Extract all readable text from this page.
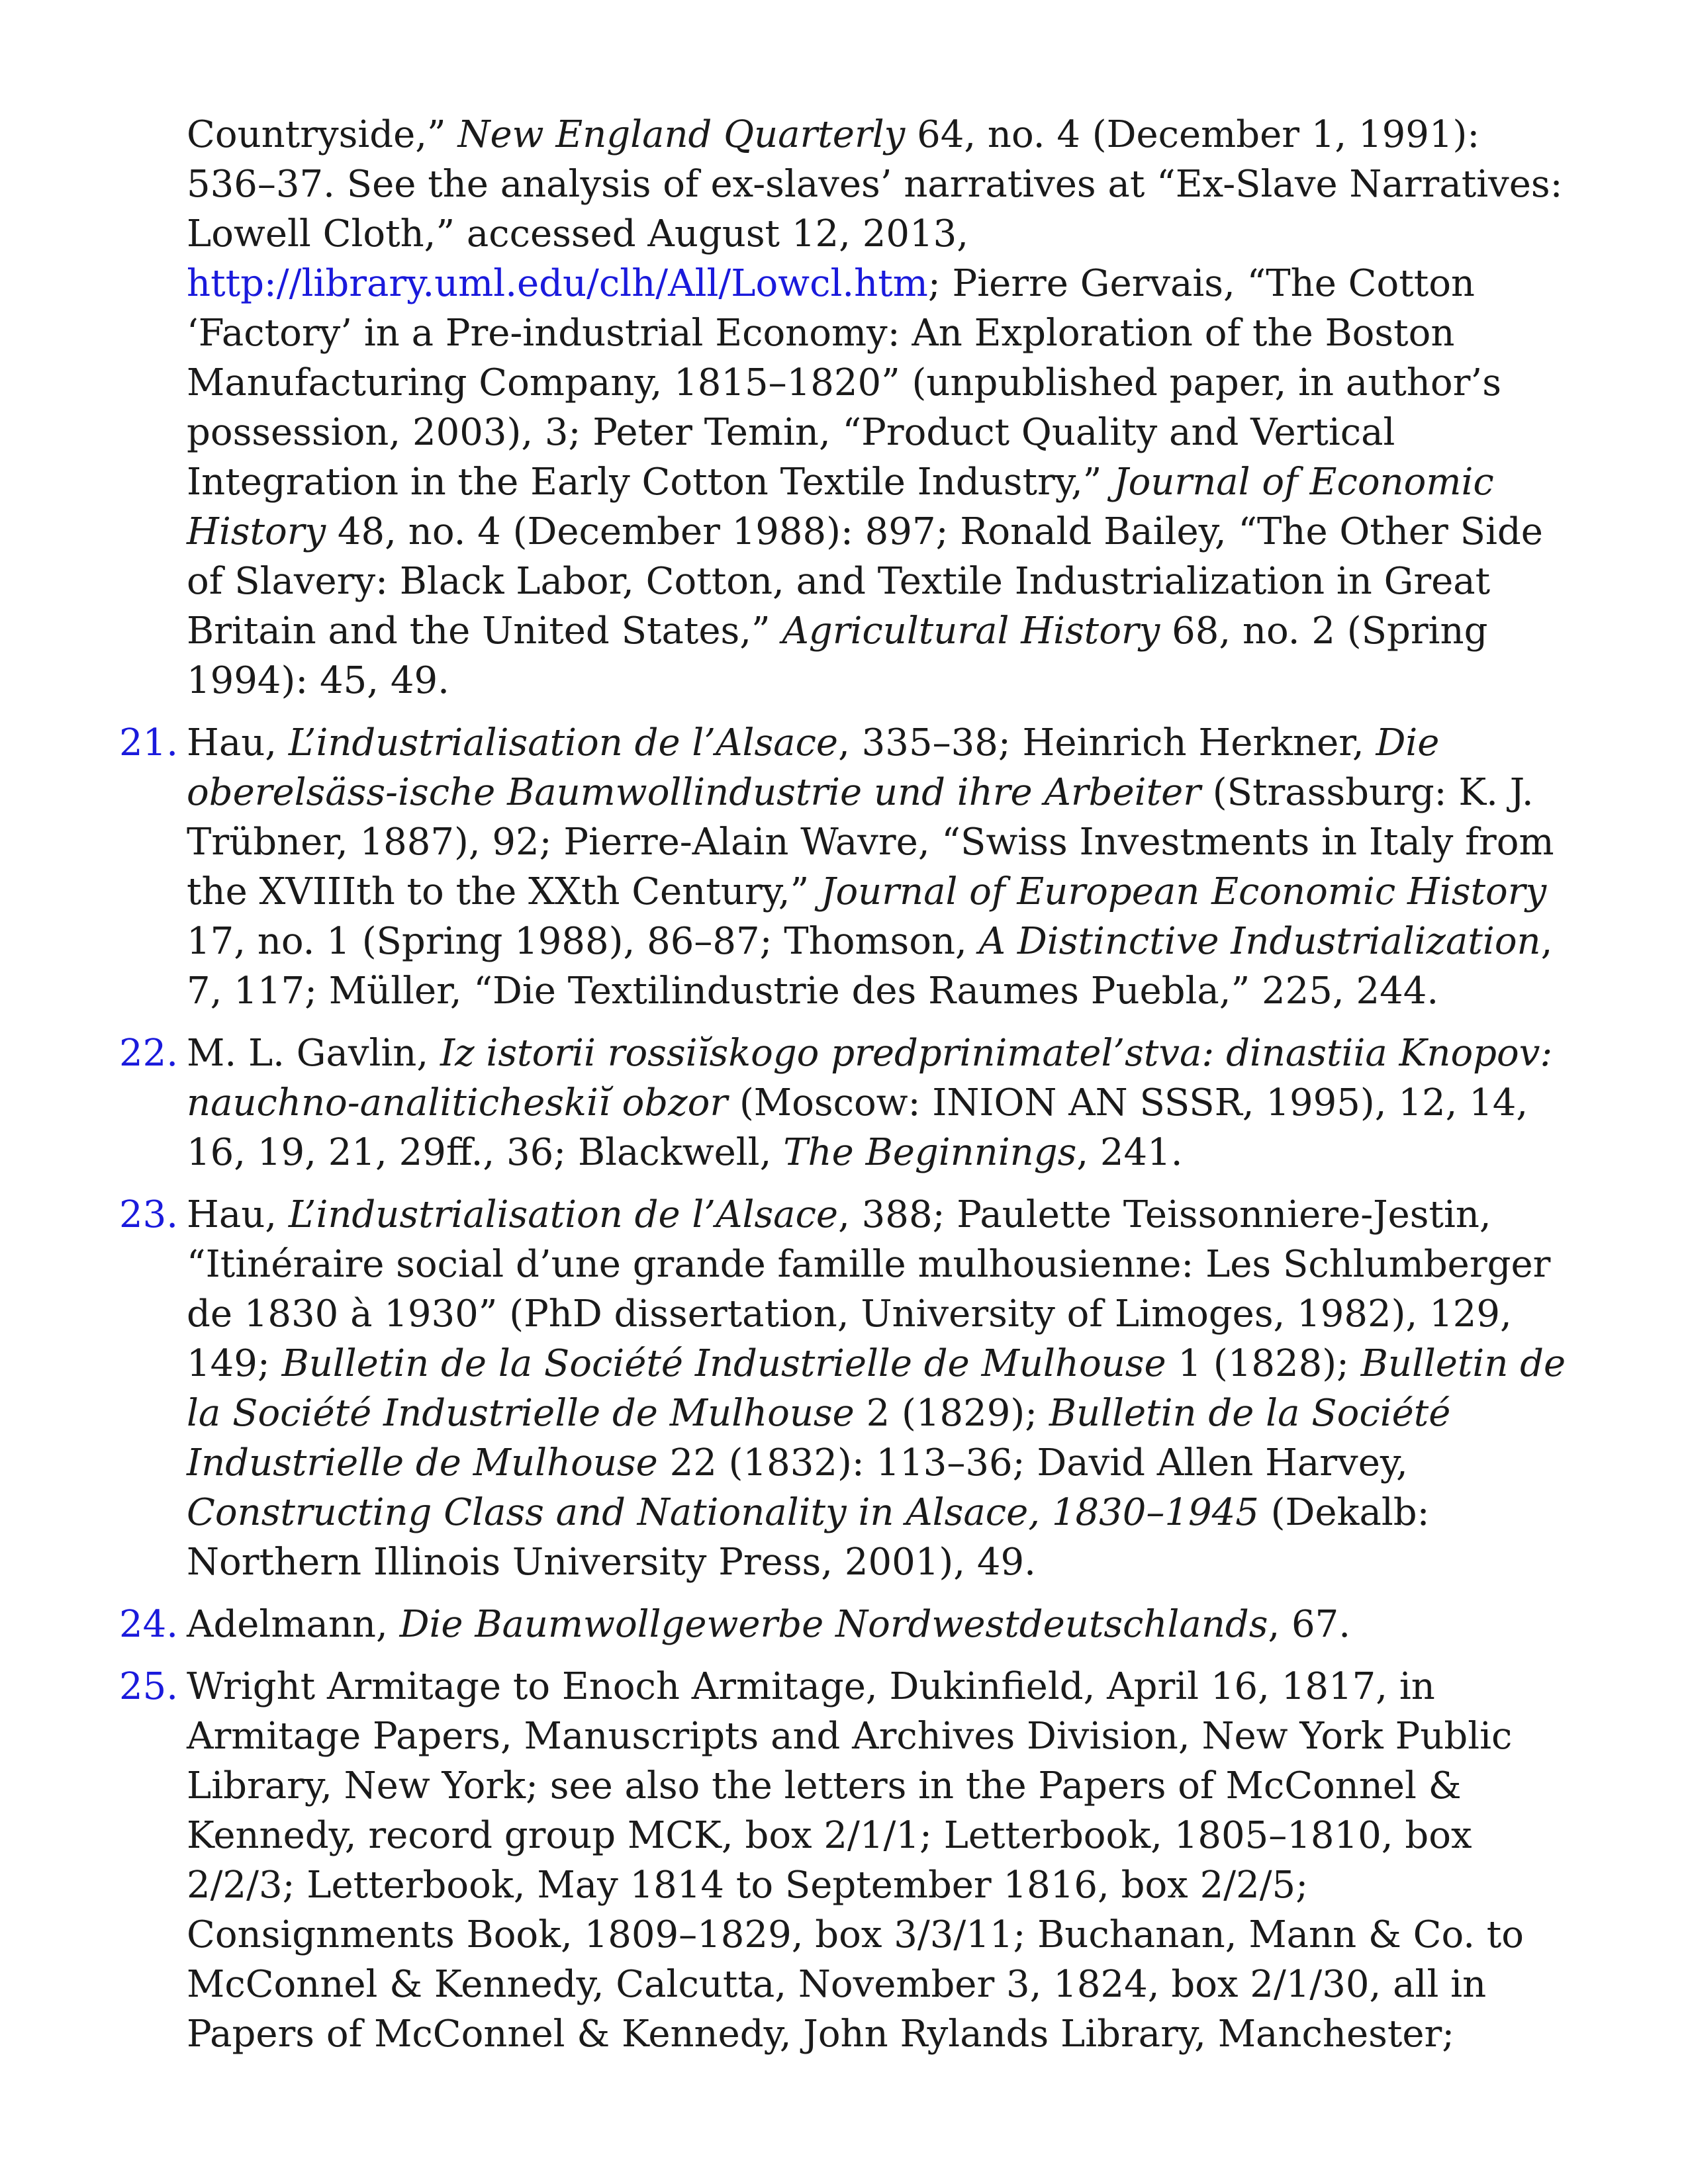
Countryside,” New England Quarterly 64, no. 4 (December 1, 1991): 536–37. See the analysis of ex-slaves’ narratives at “Ex-Slave Narratives: Lowell Cloth,” accessed August 12, 2013, http://library.uml.edu/clh/All/Lowcl.htm; Pierre Gervais, “The Cotton ‘Factory’ in a Pre-industrial Economy: An Exploration of the Boston Manufacturing Company, 1815–1820” (unpublished paper, in author’s possession, 2003), 3; Peter Temin, “Product Quality and Vertical Integration in the Early Cotton Textile Industry,” Journal of Economic History 48, no. 4 (December 1988): 897; Ronald Bailey, “The Other Side of Slavery: Black Labor, Cotton, and Textile Industrialization in Great Britain and the United States,” Agricultural History 68, no. 2 (Spring 1994): 45, 49.
21 . Hau, L’industrialisation de l’Alsace, 335–38; Heinrich Herkner, Die oberelsäss-ische Baumwollindustrie und ihre Arbeiter (Strassburg: K. J. Trübner, 1887), 92; Pierre-Alain Wavre, “Swiss Investments in Italy from the XVIIIth to the XXth Century,” Journal of European Economic History 17, no. 1 (Spring 1988), 86–87; Thomson, A Distinctive Industrialization, 7, 117; Müller, “Die Textilindustrie des Raumes Puebla,” 225, 244.
22 . M. L. Gavlin, Iz istorii rossiĭskogo predprinimatel’stva: dinastiia Knopov: nauchno-analiticheskiĭ obzor (Moscow: INION AN SSSR, 1995), 12, 14, 16, 19, 21, 29ff., 36; Blackwell, The Beginnings, 241.
23 . Hau, L’industrialisation de l’Alsace, 388; Paulette Teissonniere-Jestin, “Itinéraire social d’une grande famille mulhousienne: Les Schlumberger de 1830 à 1930” (PhD dissertation, University of Limoges, 1982), 129, 149; Bulletin de la Société Industrielle de Mulhouse 1 (1828); Bulletin de la Société Industrielle de Mulhouse 2 (1829); Bulletin de la Société Industrielle de Mulhouse 22 (1832): 113–36; David Allen Harvey, Constructing Class and Nationality in Alsace, 1830–1945 (Dekalb: Northern Illinois University Press, 2001), 49.
24 . Adelmann, Die Baumwollgewerbe Nordwestdeutschlands, 67.
25 . Wright Armitage to Enoch Armitage, Dukinfield, April 16, 1817, in Armitage Papers, Manuscripts and Archives Division, New York Public Library, New York; see also the letters in the Papers of McConnel & Kennedy, record group MCK, box 2/1/1; Letterbook, 1805–1810, box 2/2/3; Letterbook, May 1814 to September 1816, box 2/2/5; Consignments Book, 1809–1829, box 3/3/11; Buchanan, Mann & Co. to McConnel & Kennedy, Calcutta, November 3, 1824, box 2/1/30, all in Papers of McConnel & Kennedy, John Rylands Library, Manchester;
